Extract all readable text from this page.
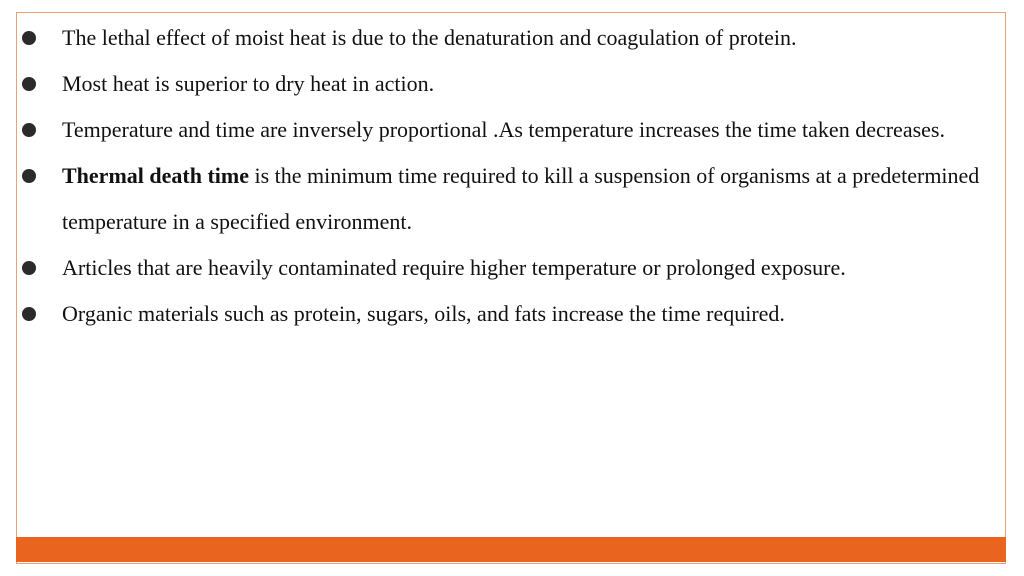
The lethal effect of moist heat is due to the denaturation and coagulation of protein.
Most heat is superior to dry heat in action.
Temperature and time are inversely proportional .As temperature increases the time taken decreases.
Thermal death time is the minimum time required to kill a suspension of organisms at a predetermined temperature in a specified environment.
Articles that are heavily contaminated require higher temperature or prolonged exposure.
Organic materials such as protein, sugars, oils, and fats increase the time required.
